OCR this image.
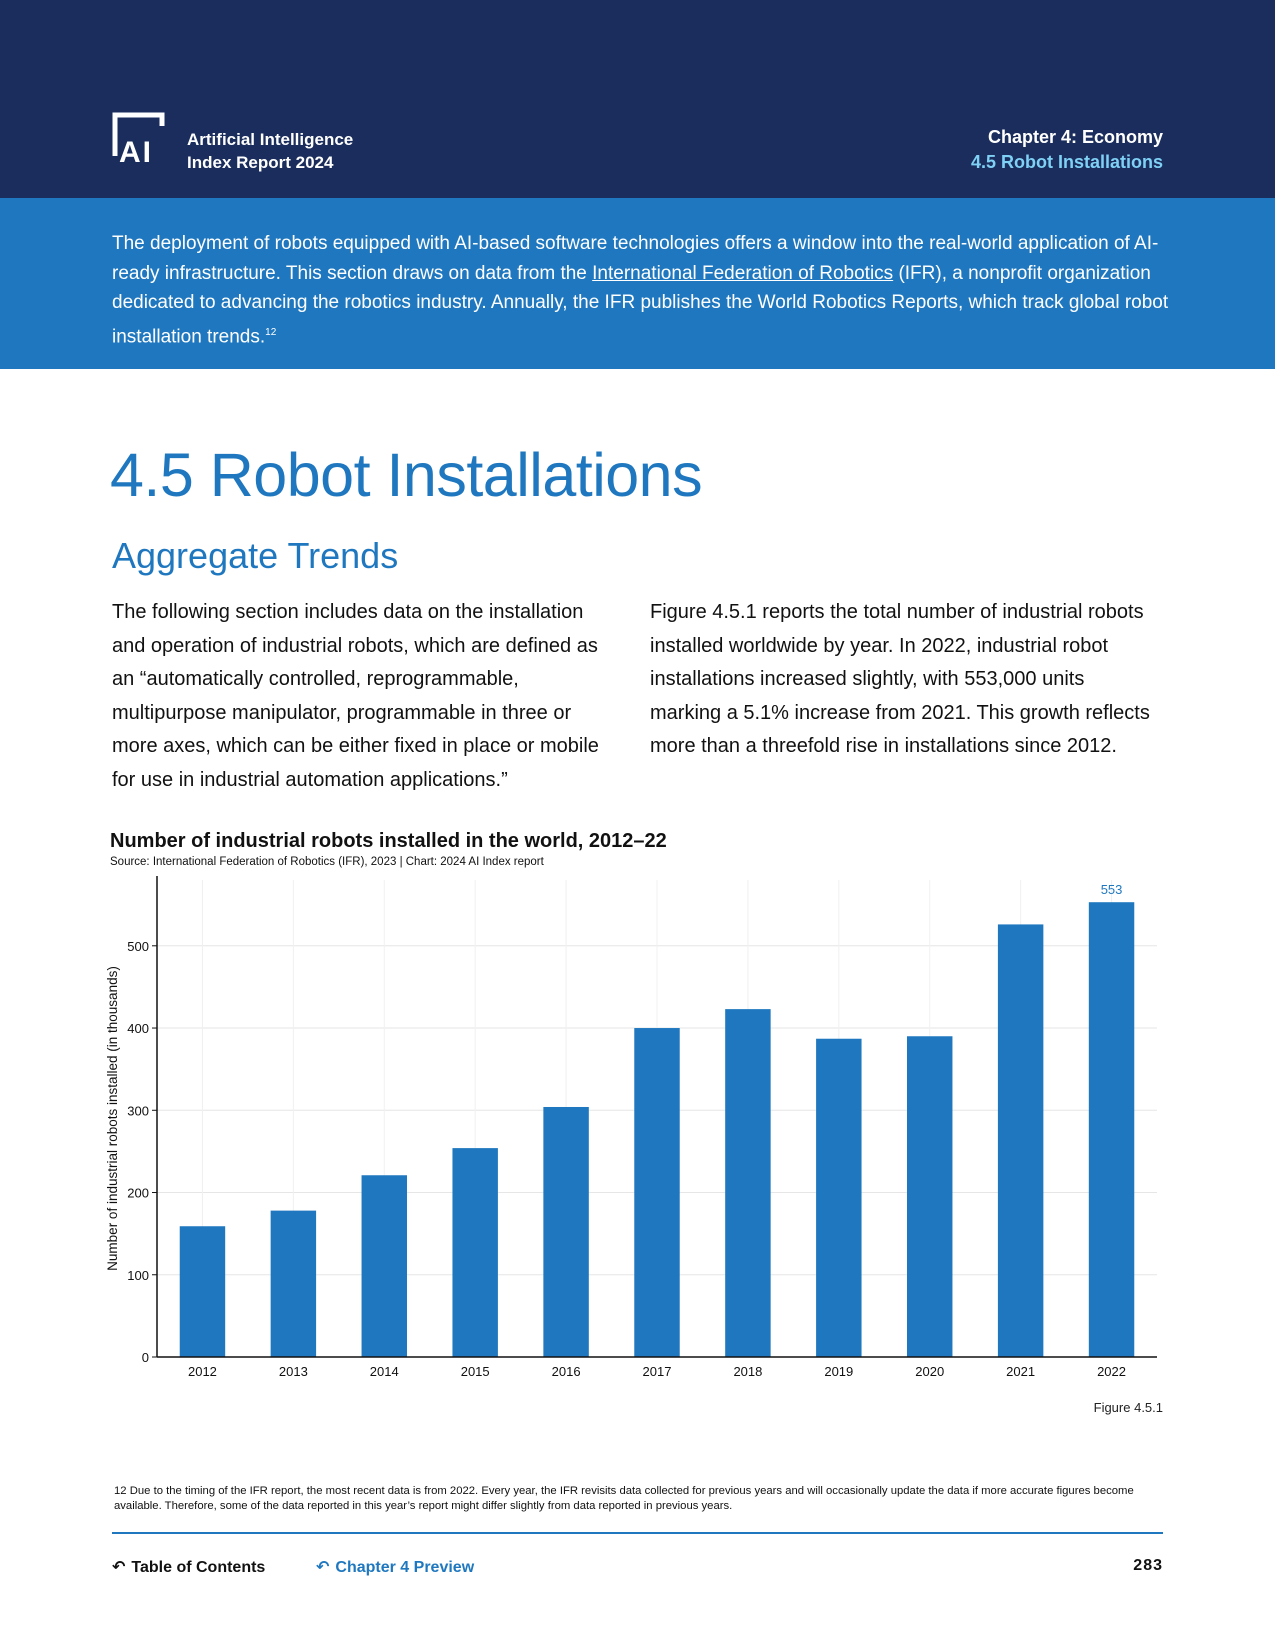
AI Artificial Intelligence
Index Report 2024
Chapter 4: Economy
4.5 Robot Installations

The deployment of robots equipped with AI-based software technologies offers a window into the real-world application of AI-ready infrastructure. This section draws on data from the International Federation of Robotics (IFR), a nonprofit organization dedicated to advancing the robotics industry. Annually, the IFR publishes the World Robotics Reports, which track global robot installation trends.$^{12}$

4.5 Robot Installations
Aggregate Trends

The following section includes data on the installation and operation of industrial robots, which are defined as an “automatically controlled, reprogrammable, multipurpose manipulator, programmable in three or more axes, which can be either fixed in place or mobile for use in industrial automation applications.”

Figure 4.5.1 reports the total number of industrial robots installed worldwide by year. In 2022, industrial robot installations increased slightly, with 553,000 units marking a 5.1% increase from 2021. This growth reflects more than a threefold rise in installations since 2012.

Number of industrial robots installed in the world, 2012–22
Source: International Federation of Robotics (IFR), 2023 | Chart: 2024 AI Index report
0
100
200
300
400
500
2012	2013	2014	2015	2016	2017	2018	2019	2020	2021	2022
553
Number of industrial robots installed (in thousands)
Figure 4.5.1

12 Due to the timing of the IFR report, the most recent data is from 2022. Every year, the IFR revisits data collected for previous years and will occasionally update the data if more accurate figures become available. Therefore, some of the data reported in this year’s report might differ slightly from data reported in previous years.

↶ Table of Contents	↶ Chapter 4 Preview	283
